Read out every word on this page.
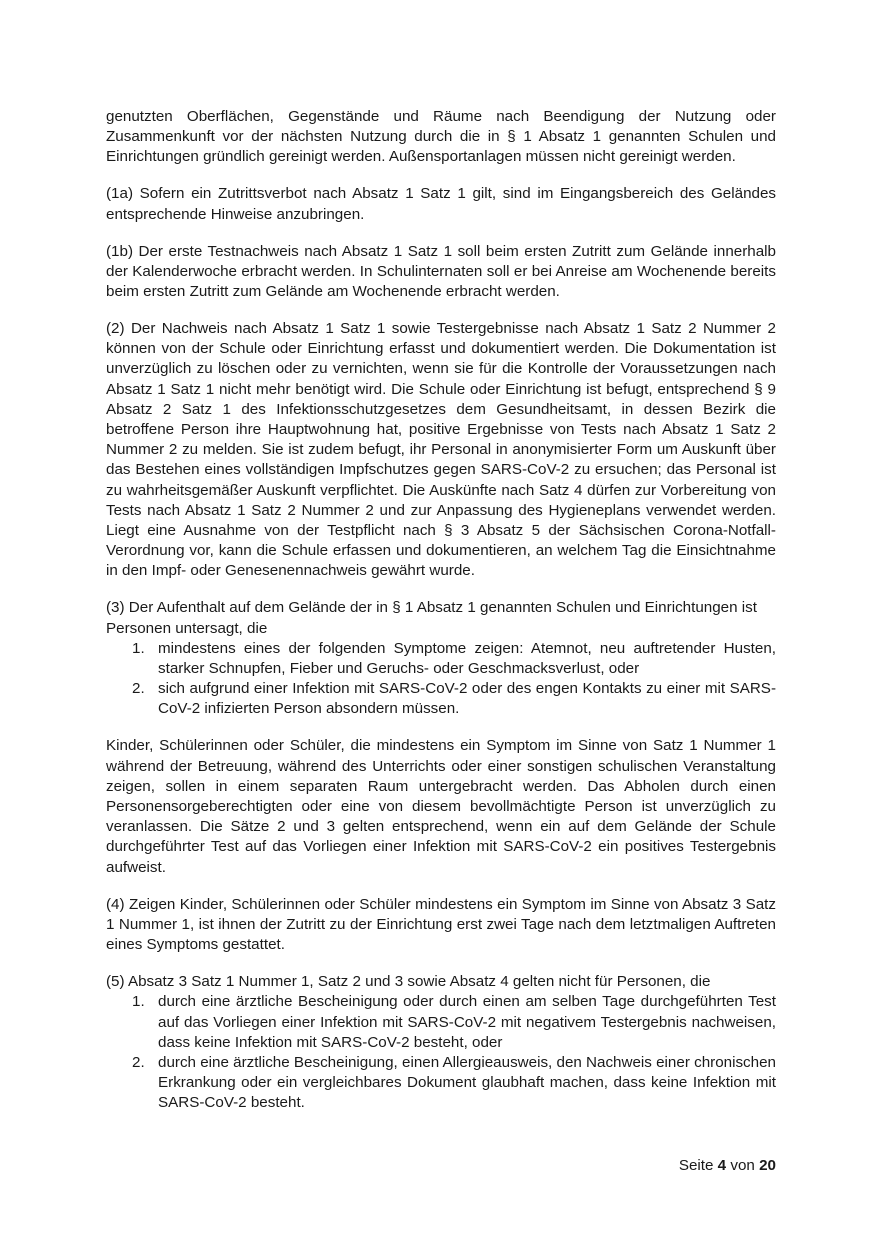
genutzten Oberflächen, Gegenstände und Räume nach Beendigung der Nutzung oder Zusammenkunft vor der nächsten Nutzung durch die in § 1 Absatz 1 genannten Schulen und Einrichtungen gründlich gereinigt werden. Außensportanlagen müssen nicht gereinigt werden.

(1a) Sofern ein Zutrittsverbot nach Absatz 1 Satz 1 gilt, sind im Eingangsbereich des Geländes entsprechende Hinweise anzubringen.

(1b) Der erste Testnachweis nach Absatz 1 Satz 1 soll beim ersten Zutritt zum Gelände innerhalb der Kalenderwoche erbracht werden. In Schulinternaten soll er bei Anreise am Wochenende bereits beim ersten Zutritt zum Gelände am Wochenende erbracht werden.

(2) Der Nachweis nach Absatz 1 Satz 1 sowie Testergebnisse nach Absatz 1 Satz 2 Nummer 2 können von der Schule oder Einrichtung erfasst und dokumentiert werden. Die Dokumentation ist unverzüglich zu löschen oder zu vernichten, wenn sie für die Kontrolle der Voraussetzungen nach Absatz 1 Satz 1 nicht mehr benötigt wird. Die Schule oder Einrichtung ist befugt, entsprechend § 9 Absatz 2 Satz 1 des Infektionsschutzgesetzes dem Gesundheitsamt, in dessen Bezirk die betroffene Person ihre Hauptwohnung hat, positive Ergebnisse von Tests nach Absatz 1 Satz 2 Nummer 2 zu melden. Sie ist zudem befugt, ihr Personal in anonymisierter Form um Auskunft über das Bestehen eines vollständigen Impfschutzes gegen SARS-CoV-2 zu ersuchen; das Personal ist zu wahrheitsgemäßer Auskunft verpflichtet. Die Auskünfte nach Satz 4 dürfen zur Vorbereitung von Tests nach Absatz 1 Satz 2 Nummer 2 und zur Anpassung des Hygieneplans verwendet werden. Liegt eine Ausnahme von der Testpflicht nach § 3 Absatz 5 der Sächsischen Corona-Notfall-Verordnung vor, kann die Schule erfassen und dokumentieren, an welchem Tag die Einsichtnahme in den Impf- oder Genesenennachweis gewährt wurde.

(3) Der Aufenthalt auf dem Gelände der in § 1 Absatz 1 genannten Schulen und Einrichtungen ist Personen untersagt, die

1. mindestens eines der folgenden Symptome zeigen: Atemnot, neu auftretender Husten, starker Schnupfen, Fieber und Geruchs- oder Geschmacksverlust, oder
2. sich aufgrund einer Infektion mit SARS-CoV-2 oder des engen Kontakts zu einer mit SARS-CoV-2 infizierten Person absondern müssen.

Kinder, Schülerinnen oder Schüler, die mindestens ein Symptom im Sinne von Satz 1 Nummer 1 während der Betreuung, während des Unterrichts oder einer sonstigen schulischen Veranstaltung zeigen, sollen in einem separaten Raum untergebracht werden. Das Abholen durch einen Personensorgeberechtigten oder eine von diesem bevollmächtigte Person ist unverzüglich zu veranlassen. Die Sätze 2 und 3 gelten entsprechend, wenn ein auf dem Gelände der Schule durchgeführter Test auf das Vorliegen einer Infektion mit SARS-CoV-2 ein positives Testergebnis aufweist.

(4) Zeigen Kinder, Schülerinnen oder Schüler mindestens ein Symptom im Sinne von Absatz 3 Satz 1 Nummer 1, ist ihnen der Zutritt zu der Einrichtung erst zwei Tage nach dem letztmaligen Auftreten eines Symptoms gestattet.

(5) Absatz 3 Satz 1 Nummer 1, Satz 2 und 3 sowie Absatz 4 gelten nicht für Personen, die

1. durch eine ärztliche Bescheinigung oder durch einen am selben Tage durchgeführten Test auf das Vorliegen einer Infektion mit SARS-CoV-2 mit negativem Testergebnis nachweisen, dass keine Infektion mit SARS-CoV-2 besteht, oder
2. durch eine ärztliche Bescheinigung, einen Allergieausweis, den Nachweis einer chronischen Erkrankung oder ein vergleichbares Dokument glaubhaft machen, dass keine Infektion mit SARS-CoV-2 besteht.
Seite 4 von 20
